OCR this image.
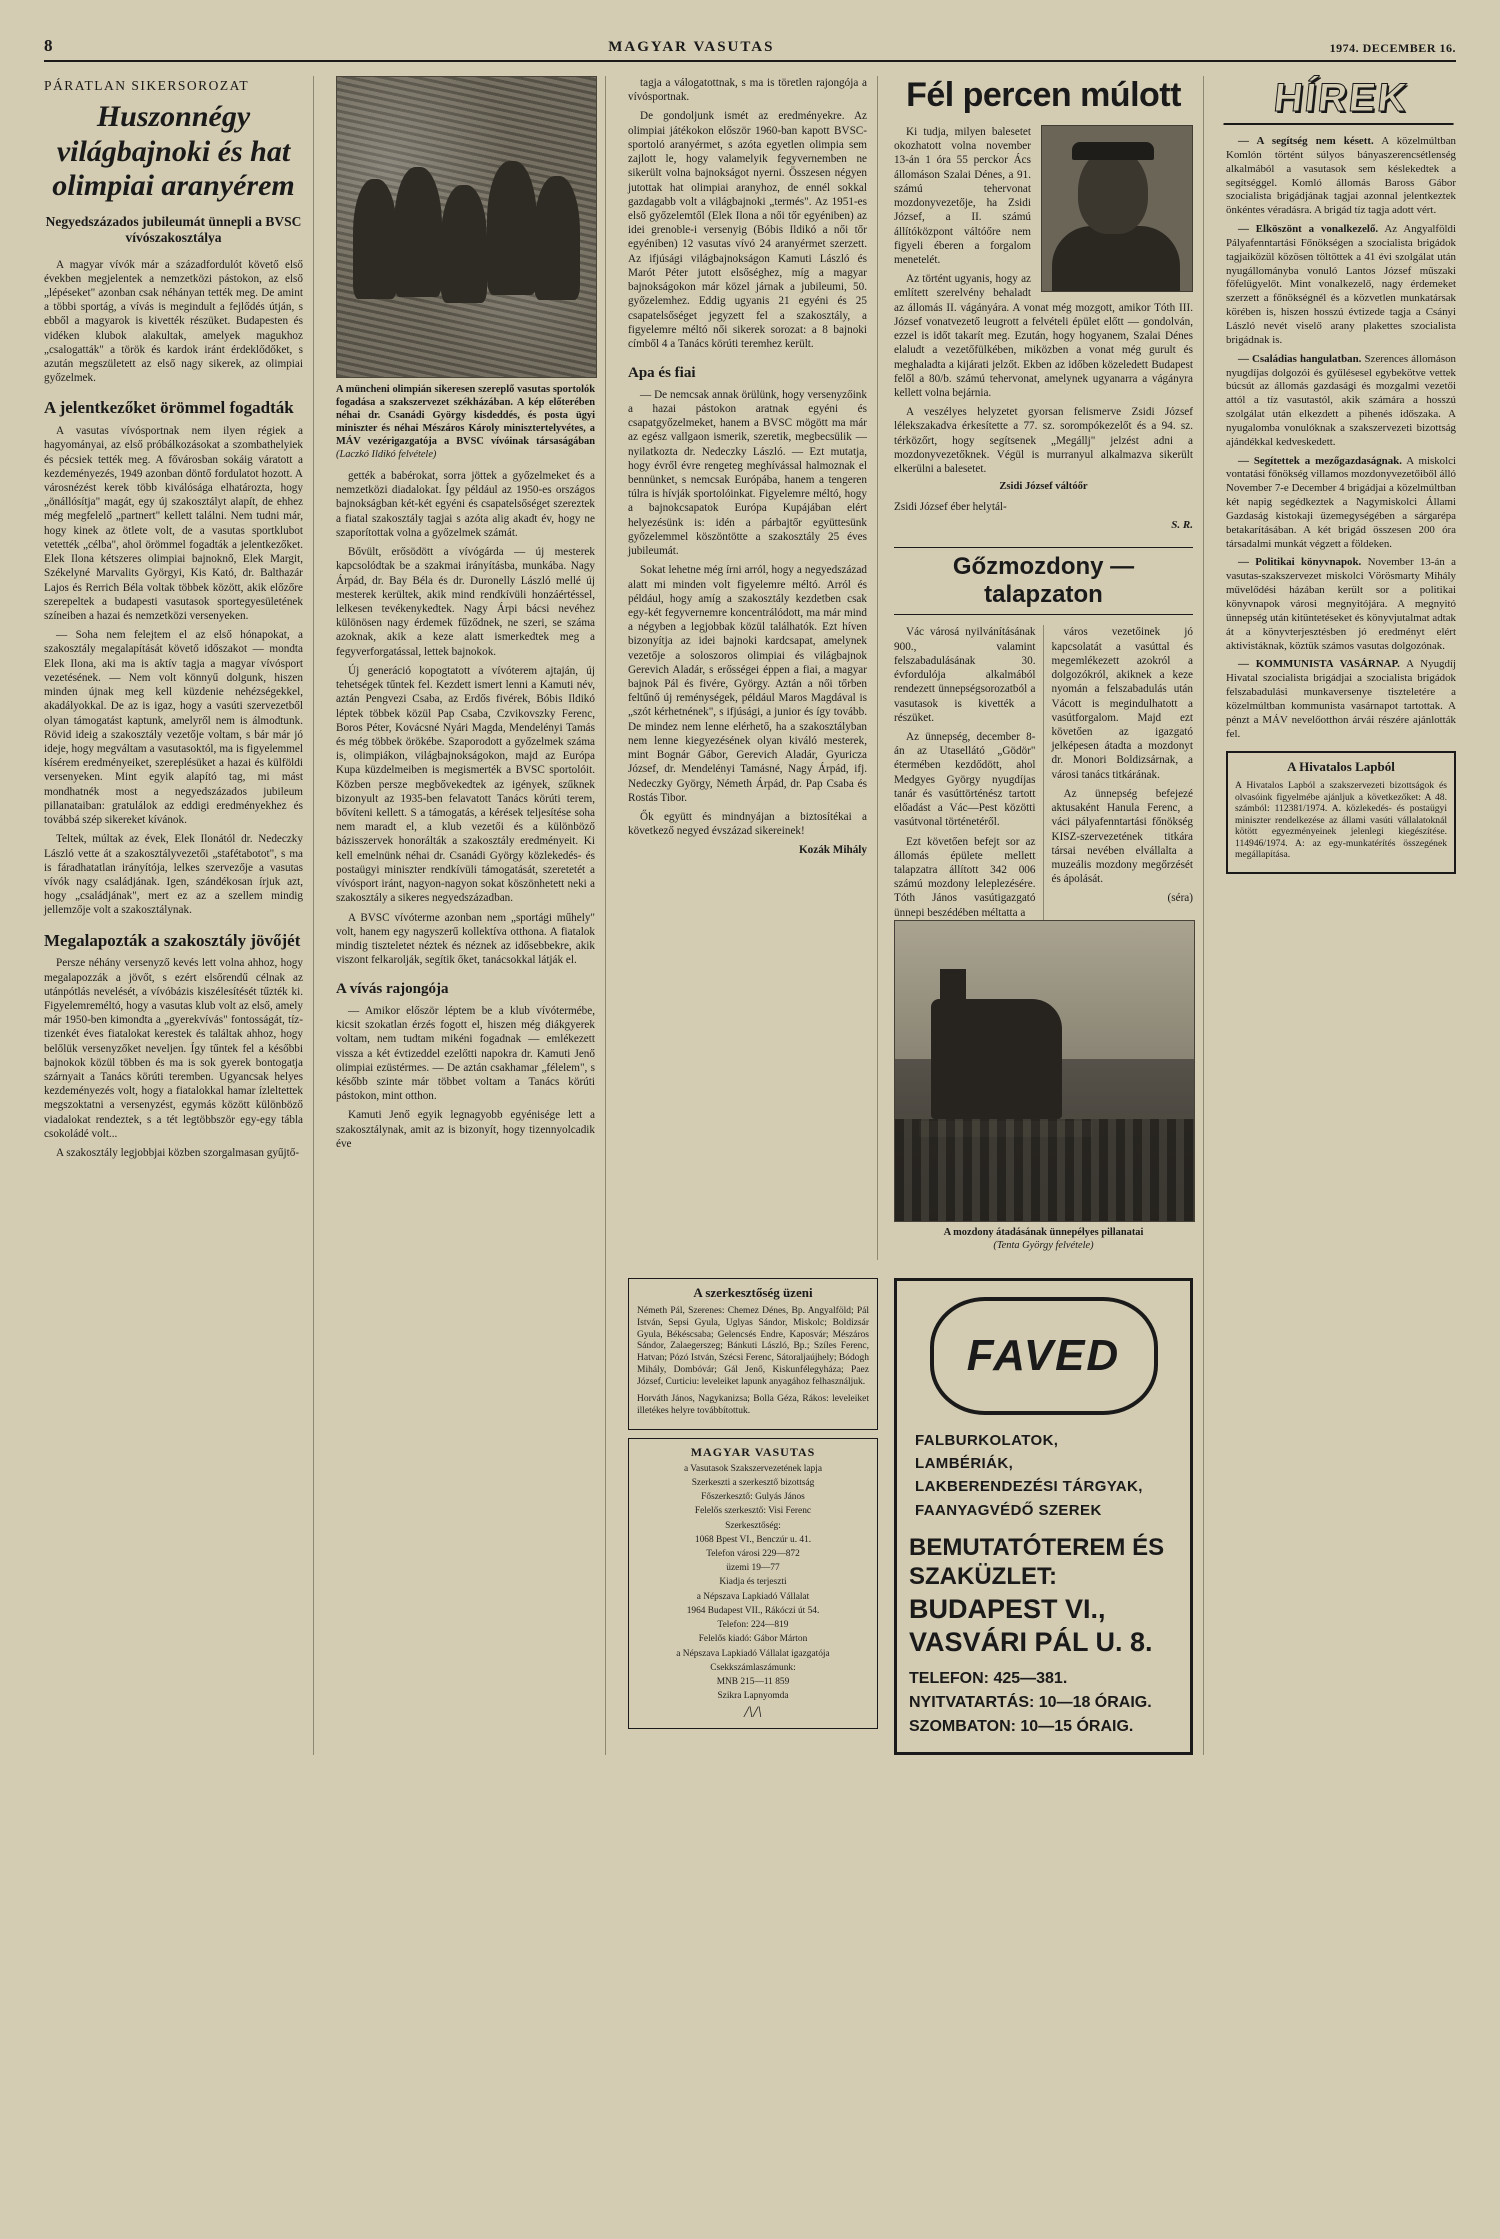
8	MAGYAR VASUTAS	1974. DECEMBER 16.
PÁRATLAN SIKERSOROZAT
Huszonnégy világbajnoki és hat
olimpiai aranyérem
Negyedszázados jubileumát ünnepli a BVSC vívószakosztálya

A magyar vívók már a századfordulót követő első években megjelentek a nemzetközi pástokon, az első „lépéseket" azonban csak néhányan tették meg. De amint a többi sportág, a vívás is megindult a fejlődés útján, s ebből a magyarok is kivették részüket. Budapesten és vidéken klubok alakultak, amelyek magukhoz „csalogatták" a török és kardok iránt érdeklődőket, s azután megszületett az első nagy sikerek, az olimpiai győzelmek.

A jelentkezőket örömmel fogadták

A vasutas vívósportnak nem ilyen régiek a hagyományai, az első próbálkozásokat a szombathelyiek és pécsiek tették meg. A fővárosban sokáig váratott a kezdeményezés, 1949 azonban döntő fordulatot hozott. A városnézést kerek több kiválósága elhatározta, hogy „önállósítja" magát, egy új szakosztályt alapít, de ehhez még megfelelő „partnert" kellett találni. Nem tudni már, hogy kinek az ötlete volt, de a vasutas sportklubot vetették „célba", ahol örömmel fogadták a jelentkezőket. Elek Ilona kétszeres olimpiai bajnoknő, Elek Margit, Székelyné Marvalits Györgyi, Kis Kató, dr. Balthazár Lajos és Rerrich Béla voltak többek között, akik előzőre szerepeltek a budapesti vasutasok sportegyesületének színeiben a hazai és nemzetközi versenyeken.

— Soha nem felejtem el az első hónapokat, a szakosztály megalapítását követő időszakot — mondta Elek Ilona, aki ma is aktív tagja a magyar vívósport vezetésének. — Nem volt könnyű dolgunk, hiszen minden újnak meg kell küzdenie nehézségekkel, akadályokkal. De az is igaz, hogy a vasúti szervezetből olyan támogatást kaptunk, amelyről nem is álmodtunk. Rövid ideig a szakosztály vezetője voltam, s bár már jó ideje, hogy megváltam a vasutasoktól, ma is figyelemmel kísérem eredményeiket, szereplésüket a hazai és külföldi versenyeken. Mint egyik alapító tag, mi mást mondhatnék most a negyedszázados jubileum pillanataiban: gratulálok az eddigi eredményekhez és továbbá szép sikereket kívánok.

Teltek, múltak az évek, Elek Ilonától dr. Nedeczky László vette át a szakosztályvezetői „stafétabotot", s ma is fáradhatatlan irányítója, lelkes szervezője a vasutas vívók nagy családjának. Igen, szándékosan írjuk azt, hogy „családjának", mert ez az a szellem mindig jellemzője volt a szakosztálynak.

Megalapozták a szakosztály jövőjét

Persze néhány versenyző kevés lett volna ahhoz, hogy megalapozzák a jövőt, s ezért elsőrendű célnak az utánpótlás nevelését, a vívóbázis kiszélesítését tűzték ki. Figyelemreméltó, hogy a vasutas klub volt az első, amely már 1950-ben kimondta a „gyerekvívás" fontosságát, tíz-tizenkét éves fiatalokat kerestek és találtak ahhoz, hogy belőlük versenyzőket neveljen. Így tűntek fel a későbbi bajnokok közül többen és ma is sok gyerek bontogatja szárnyait a Tanács körúti teremben. Ugyancsak helyes kezdeményezés volt, hogy a fiatalokkal hamar ízleltettek megszoktatni a versenyzést, egymás között különböző viadalokat rendeztek, s a tét legtöbbször egy-egy tábla csokoládé volt...

A szakosztály legjobbjai közben szorgalmasan gyűjtő-

A müncheni olimpián sikeresen szereplő vasutas sportolók fogadása a szakszervezet székházában. A kép előterében néhai dr. Csanádi György kisdeddés, és posta ügyi miniszter és néhai Mészáros Károly minisztertelyvétes, a MÁV vezérigazgatója a BVSC vívóinak társaságában (Laczkó Ildikó felvétele)

gették a babérokat, sorra jöttek a győzelmeket és a nemzetközi diadalokat. Így például az 1950-es országos bajnokságban két-két egyéni és csapatelsőséget szereztek a fiatal szakosztály tagjai s azóta alig akadt év, hogy ne szaporítottak volna a győzelmek számát.

Bővült, erősödött a vívógárda — új mesterek kapcsolódtak be a szakmai irányításba, munkába. Nagy Árpád, dr. Bay Béla és dr. Duronelly László mellé új mesterek kerültek, akik mind rendkívüli honzáértéssel, lelkesen tevékenykedtek. Nagy Árpi bácsi nevéhez különösen nagy érdemek fűződnek, ne szeri, se száma azoknak, akik a keze alatt ismerkedtek meg a fegyverforgatással, lettek bajnokok.

Új generáció kopogtatott a vívóterem ajtaján, új tehetségek tűntek fel. Kezdett ismert lenni a Kamuti név, aztán Pengvezi Csaba, az Erdős fivérek, Bóbis Ildikó léptek többek közül Pap Csaba, Czvikovszky Ferenc, Boros Péter, Kovácsné Nyári Magda, Mendelényi Tamás és még többek örökébe. Szaporodott a győzelmek száma is, olimpiákon, világbajnokságokon, majd az Európa Kupa küzdelmeiben is megismerték a BVSC sportolóit. Közben persze megbővekedtek az igények, szűknek bizonyult az 1935-ben felavatott Tanács körúti terem, bővíteni kellett. S a támogatás, a kérések teljesítése soha nem maradt el, a klub vezetői és a különböző bázisszervek honorálták a szakosztály eredményeit. Ki kell emelnünk néhai dr. Csanádi György közlekedés- és postaügyi miniszter rendkívüli támogatását, szeretetét a vívósport iránt, nagyon-nagyon sokat köszönhetett neki a szakosztály a sikeres negyedszázadban.

A BVSC vívóterme azonban nem „sportági műhely" volt, hanem egy nagyszerű kollektíva otthona. A fiatalok mindig tiszteletet néztek és néznek az idősebbekre, akik viszont felkarolják, segítik őket, tanácsokkal látják el.

A vívás rajongója

— Amikor először léptem be a klub vívótermébe, kicsit szokatlan érzés fogott el, hiszen még diákgyerek voltam, nem tudtam mikéni fogadnak — emlékezett vissza a két évtizeddel ezelőtti napokra dr. Kamuti Jenő olimpiai ezüstérmes. — De aztán csakhamar „félelem", s később szinte már többet voltam a Tanács körúti pástokon, mint otthon.

Kamuti Jenő egyik legnagyobb egyénisége lett a szakosztálynak, amit az is bizonyít, hogy tizennyolcadik éve

tagja a válogatottnak, s ma is töretlen rajongója a vívósportnak.

De gondoljunk ismét az eredményekre. Az olimpiai játékokon először 1960-ban kapott BVSC-sportoló aranyérmet, s azóta egyetlen olimpia sem zajlott le, hogy valamelyik fegyvernemben ne sikerült volna bajnokságot nyerni. Összesen négyen jutottak hat olimpiai aranyhoz, de ennél sokkal gazdagabb volt a világbajnoki „termés". Az 1951-es első győzelemtől (Elek Ilona a női tőr egyéniben) az idei grenoble-i versenyig (Bóbis Ildikó a női tőr egyéniben) 12 vasutas vívó 24 aranyérmet szerzett. Az ifjúsági világbajnokságon Kamuti László és Marót Péter jutott elsőséghez, míg a magyar bajnokságokon már közel járnak a jubileumi, 50. győzelemhez. Eddig ugyanis 21 egyéni és 25 csapatelsőséget jegyzett fel a szakosztály, a figyelemre méltó női sikerek sorozat: a 8 bajnoki címből 4 a Tanács körúti teremhez került.

Apa és fiai

— De nemcsak annak örülünk, hogy versenyzőink a hazai pástokon aratnak egyéni és csapatgyőzelmeket, hanem a BVSC mögött ma már az egész vallgaon ismerik, szeretik, megbecsülik — nyilatkozta dr. Nedeczky László. — Ezt mutatja, hogy évről évre rengeteg meghívással halmoznak el bennünket, s nemcsak Európába, hanem a tengeren túlra is hívják sportolóinkat. Figyelemre méltó, hogy a bajnokcsapatok Európa Kupájában elért helyezésünk is: idén a párbajtőr együttesünk győzelemmel köszöntötte a szakosztály 25 éves jubileumát.

Sokat lehetne még írni arról, hogy a negyedszázad alatt mi minden volt figyelemre méltó. Arról és például, hogy amíg a szakosztály kezdetben csak egy-két fegyvernemre koncentrálódott, ma már mind a négyben a legjobbak közül találhatók. Ezt híven bizonyítja az idei bajnoki kardcsapat, amelynek vezetője a soloszoros olimpiai és világbajnok Gerevich Aladár, s erősségei éppen a fiai, a magyar bajnok Pál és fivére, György. Aztán a női tőrben feltűnő új reménységek, például Maros Magdával is „szót kérhetnének", s ifjúsági, a junior és így tovább. De mindez nem lenne elérhető, ha a szakosztályban nem lenne kiegyezésének olyan kiváló mesterek, mint Bognár Gábor, Gerevich Aladár, Gyuricza József, dr. Mendelényi Tamásné, Nagy Árpád, ifj. Nedeczky György, Németh Árpád, dr. Pap Csaba és Rostás Tibor.

Ők együtt és mindnyájan a biztosítékai a következő negyed évszázad sikereinek!

Kozák Mihály

Fél percen múlott

Ki tudja, milyen balesetet okozhatott volna november 13-án 1 óra 55 perckor Ács állomáson Szalai Dénes, a 91. számú tehervonat mozdonyvezetője, ha Zsidi József, a II. számú állítóközpont váltóőre nem figyeli éberen a forgalom menetelét.

Az történt ugyanis, hogy az említett szerelvény behaladt az állomás II. vágányára. A vonat még mozgott, amikor Tóth III. József vonatvezető leugrott a felvételi épület előtt — gondolván, ezzel is időt takarít meg. Ezután, hogy hogyanem, Szalai Dénes elaludt a vezetőfülkében, miközben a vonat még gurult és meghaladta a kijárati jelzőt. Ekben az időben közeledett Budapest felől a 80/b. számú tehervonat, amelynek ugyanarra a vágányra kellett volna bejárnia.

A veszélyes helyzetet gyorsan felismerve Zsidi József lélekszakadva érkesítette a 77. sz. sorompókezelőt és a 94. sz. térközőrt, hogy segítsenek „Megállj" jelzést adni a mozdonyvezetőknek. Végül is murranyul alkalmazva sikerült elkerülni a balesetet.

Zsidi József váltóőr

Zsidi József éber helytál-

S. R.
Gőzmozdony — talapzaton

Vác városá nyilvánításának 900., valamint felszabadulásának 30. évfordulója alkalmából rendezett ünnepségsorozatból a vasutasok is kivették a részüket.

Az ünnepség, december 8-án az Utasellátó „Gödör" étermében kezdődött, ahol Medgyes György nyugdíjas tanár és vasúttörténész tartott előadást a Vác—Pest közötti vasútvonal történetéről.

Ezt követően befejt sor az állomás épülete mellett talapzatra állított 342 006 számú mozdony leleplezésére. Tóth János vasútigazgató ünnepi beszédében méltatta a

város vezetőinek jó kapcsolatát a vasúttal és megemlékezett azokról a dolgozókról, akiknek a keze nyomán a felszabadulás után Vácott is megindulhatott a vasútforgalom. Majd ezt követően az igazgató jelképesen átadta a mozdonyt dr. Monori Boldizsárnak, a városi tanács titkárának.

Az ünnepség befejezé aktusaként Hanula Ferenc, a váci pályafenntartási főnökség KISZ-szervezetének titkára társai nevében elvállalta a muzeális mozdony megőrzését és ápolását.

(séra)

A mozdony átadásának ünnepélyes pillanatai
(Tenta György felvétele)
A szerkesztőség üzeni

Németh Pál, Szerenes: Chemez Dénes, Bp. Angyalföld; Pál István, Sepsi Gyula, Uglyas Sándor, Miskolc; Boldizsár Gyula, Békéscsaba; Gelencsés Endre, Kaposvár; Mészáros Sándor, Zalaegerszeg; Bánkuti László, Bp.; Szíles Ferenc, Hatvan; Pózó István, Szécsi Ferenc, Sátoraljaújhely; Bódogh Mihály, Dombóvár; Gál Jenő, Kiskunfélegyháza; Paez József, Curticiu: leveleiket lapunk anyagához felhasználjuk.

Horváth János, Nagykanizsa; Bolla Géza, Rákos: leveleiket illetékes helyre továbbítottuk.

MAGYAR VASUTAS

a Vasutasok Szakszervezetének lapja

Szerkeszti a szerkesztő bizottság

Főszerkesztő: Gulyás János

Felelős szerkesztő: Visi Ferenc

Szerkesztőség:

1068 Bpest VI., Benczúr u. 41.

Telefon városi 229—872

üzemi 19—77

Kiadja és terjeszti

a Népszava Lapkiadó Vállalat

1964 Budapest VII., Rákóczi út 54.

Telefon: 224—819

Felelős kiadó: Gábor Márton

a Népszava Lapkiadó Vállalat igazgatója

Csekkszámlaszámunk:

MNB 215—11 859

Szikra Lapnyomda

/\/\
FAVED
FALBURKOLATOK,
LAMBÉRIÁK,
LAKBERENDEZÉSI TÁRGYAK,
FAANYAGVÉDŐ SZEREK
BEMUTATÓTEREM ÉS SZAKÜZLET:
BUDAPEST VI., VASVÁRI PÁL U. 8.
TELEFON: 425—381.
NYITVATARTÁS: 10—18 ÓRAIG.
SZOMBATON: 10—15 ÓRAIG.
HÍREK

— A segítség nem késett. A közelmúltban Komlón történt súlyos bányaszerencsétlenség alkalmából a vasutasok sem késlekedtek a segítséggel. Komló állomás Baross Gábor szocialista brigádjának tagjai azonnal jelentkeztek önkéntes véradásra. A brigád tíz tagja adott vért.

— Elköszönt a vonalkezelő. Az Angyalföldi Pályafenntartási Főnökségen a szocialista brigádok tagjaiközül közösen töltöttek a 41 évi szolgálat után nyugállományba vonuló Lantos József műszaki főfelügyelőt. Mint vonalkezelő, nagy érdemeket szerzett a főnökségnél és a közvetlen munkatársak körében is, hiszen hosszú évtizede tagja a Csányi László nevét viselő arany plakettes szocialista brigádnak is.

— Családias hangulatban. Szerences állomáson nyugdíjas dolgozói és gyűlésesel egybekötve vettek búcsút az állomás gazdasági és mozgalmi vezetői attól a tíz vasutastól, akik számára a hosszú szolgálat után elkezdett a pihenés időszaka. A nyugalomba vonulóknak a szakszervezeti bizottság ajándékkal kedveskedett.

— Segítettek a mezőgazdaságnak. A miskolci vontatási főnökség villamos mozdonyvezetőiből álló November 7-e December 4 brigádjai a közelmúltban két napig segédkeztek a Nagymiskolci Állami Gazdaság kistokaji üzemegységében a sárgarépa betakarításában. A két brigád összesen 200 óra társadalmi munkát végzett a földeken.

— Politikai könyvnapok. November 13-án a vasutas-szakszervezet miskolci Vörösmarty Mihály művelődési házában került sor a politikai könyvnapok városi megnyitójára. A megnyitó ünnepség után kitüntetéseket és könyvjutalmat adtak át a könyvterjesztésben jó eredményt elért aktivistáknak, köztük számos vasutas dolgozónak.

— KOMMUNISTA VASÁRNAP. A Nyugdíj Hivatal szocialista brigádjai a szocialista brigádok felszabadulási munkaversenye tiszteletére a közelmúltban kommunista vasárnapot tartottak. A pénzt a MÁV nevelőotthon árvái részére ajánlották fel.

A Hivatalos Lapból

A Hivatalos Lapból a szakszervezeti bizottságok és olvasóink figyelmébe ajánljuk a következőket: A 48. számból: 112381/1974. A. közlekedés- és postaügyi miniszter rendelkezése az állami vasúti vállalatoknál kötött egyezményeinek jelenlegi kiegészítése. 114946/1974. A: az egy-munkatérítés összegének megállapítása.
